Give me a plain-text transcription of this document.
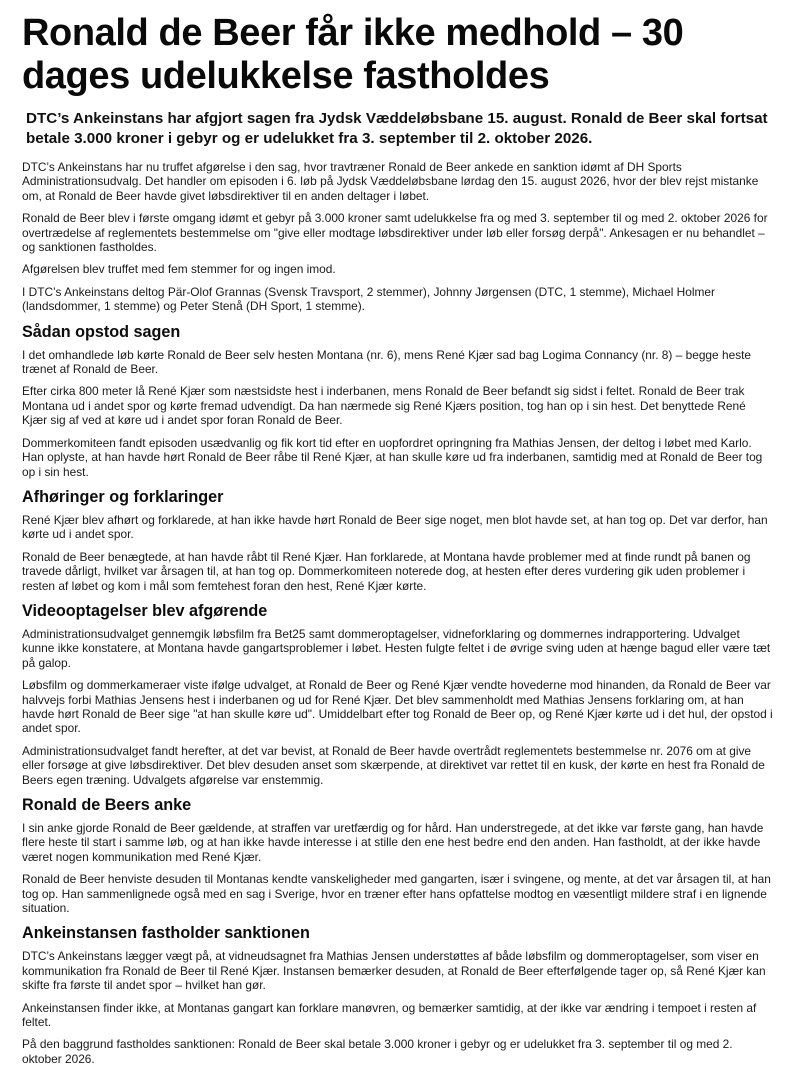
Ronald de Beer får ikke medhold – 30 dages udelukkelse fastholdes

DTC’s Ankeinstans har afgjort sagen fra Jydsk Væddeløbsbane 15. august. Ronald de Beer skal fortsat betale 3.000 kroner i gebyr og er udelukket fra 3. september til 2. oktober 2026.

DTC’s Ankeinstans har nu truffet afgørelse i den sag, hvor travtræner Ronald de Beer ankede en sanktion idømt af DH Sports Administrationsudvalg. Det handler om episoden i 6. løb på Jydsk Væddeløbsbane lørdag den 15. august 2026, hvor der blev rejst mistanke om, at Ronald de Beer havde givet løbsdirektiver til en anden deltager i løbet.

Ronald de Beer blev i første omgang idømt et gebyr på 3.000 kroner samt udelukkelse fra og med 3. september til og med 2. oktober 2026 for overtrædelse af reglementets bestemmelse om "give eller modtage løbsdirektiver under løb eller forsøg derpå". Ankesagen er nu behandlet – og sanktionen fastholdes.

Afgørelsen blev truffet med fem stemmer for og ingen imod.

I DTC’s Ankeinstans deltog Pär-Olof Grannas (Svensk Travsport, 2 stemmer), Johnny Jørgensen (DTC, 1 stemme), Michael Holmer (landsdommer, 1 stemme) og Peter Stenå (DH Sport, 1 stemme).

Sådan opstod sagen

I det omhandlede løb kørte Ronald de Beer selv hesten Montana (nr. 6), mens René Kjær sad bag Logima Connancy (nr. 8) – begge heste trænet af Ronald de Beer.

Efter cirka 800 meter lå René Kjær som næstsidste hest i inderbanen, mens Ronald de Beer befandt sig sidst i feltet. Ronald de Beer trak Montana ud i andet spor og kørte fremad udvendigt. Da han nærmede sig René Kjærs position, tog han op i sin hest. Det benyttede René Kjær sig af ved at køre ud i andet spor foran Ronald de Beer.

Dommerkomiteen fandt episoden usædvanlig og fik kort tid efter en uopfordret opringning fra Mathias Jensen, der deltog i løbet med Karlo. Han oplyste, at han havde hørt Ronald de Beer råbe til René Kjær, at han skulle køre ud fra inderbanen, samtidig med at Ronald de Beer tog op i sin hest.

Afhøringer og forklaringer

René Kjær blev afhørt og forklarede, at han ikke havde hørt Ronald de Beer sige noget, men blot havde set, at han tog op. Det var derfor, han kørte ud i andet spor.

Ronald de Beer benægtede, at han havde råbt til René Kjær. Han forklarede, at Montana havde problemer med at finde rundt på banen og travede dårligt, hvilket var årsagen til, at han tog op. Dommerkomiteen noterede dog, at hesten efter deres vurdering gik uden problemer i resten af løbet og kom i mål som femtehest foran den hest, René Kjær kørte.

Videooptagelser blev afgørende

Administrationsudvalget gennemgik løbsfilm fra Bet25 samt dommeroptagelser, vidneforklaring og dommernes indrapportering. Udvalget kunne ikke konstatere, at Montana havde gangartsproblemer i løbet. Hesten fulgte feltet i de øvrige sving uden at hænge bagud eller være tæt på galop.

Løbsfilm og dommerkameraer viste ifølge udvalget, at Ronald de Beer og René Kjær vendte hovederne mod hinanden, da Ronald de Beer var halvvejs forbi Mathias Jensens hest i inderbanen og ud for René Kjær. Det blev sammenholdt med Mathias Jensens forklaring om, at han havde hørt Ronald de Beer sige "at han skulle køre ud". Umiddelbart efter tog Ronald de Beer op, og René Kjær kørte ud i det hul, der opstod i andet spor.

Administrationsudvalget fandt herefter, at det var bevist, at Ronald de Beer havde overtrådt reglementets bestemmelse nr. 2076 om at give eller forsøge at give løbsdirektiver. Det blev desuden anset som skærpende, at direktivet var rettet til en kusk, der kørte en hest fra Ronald de Beers egen træning. Udvalgets afgørelse var enstemmig.

Ronald de Beers anke

I sin anke gjorde Ronald de Beer gældende, at straffen var uretfærdig og for hård. Han understregede, at det ikke var første gang, han havde flere heste til start i samme løb, og at han ikke havde interesse i at stille den ene hest bedre end den anden. Han fastholdt, at der ikke havde været nogen kommunikation med René Kjær.

Ronald de Beer henviste desuden til Montanas kendte vanskeligheder med gangarten, især i svingene, og mente, at det var årsagen til, at han tog op. Han sammenlignede også med en sag i Sverige, hvor en træner efter hans opfattelse modtog en væsentligt mildere straf i en lignende situation.

Ankeinstansen fastholder sanktionen

DTC’s Ankeinstans lægger vægt på, at vidneudsagnet fra Mathias Jensen understøttes af både løbsfilm og dommeroptagelser, som viser en kommunikation fra Ronald de Beer til René Kjær. Instansen bemærker desuden, at Ronald de Beer efterfølgende tager op, så René Kjær kan skifte fra første til andet spor – hvilket han gør.

Ankeinstansen finder ikke, at Montanas gangart kan forklare manøvren, og bemærker samtidig, at der ikke var ændring i tempoet i resten af feltet.

På den baggrund fastholdes sanktionen: Ronald de Beer skal betale 3.000 kroner i gebyr og er udelukket fra 3. september til og med 2. oktober 2026.
